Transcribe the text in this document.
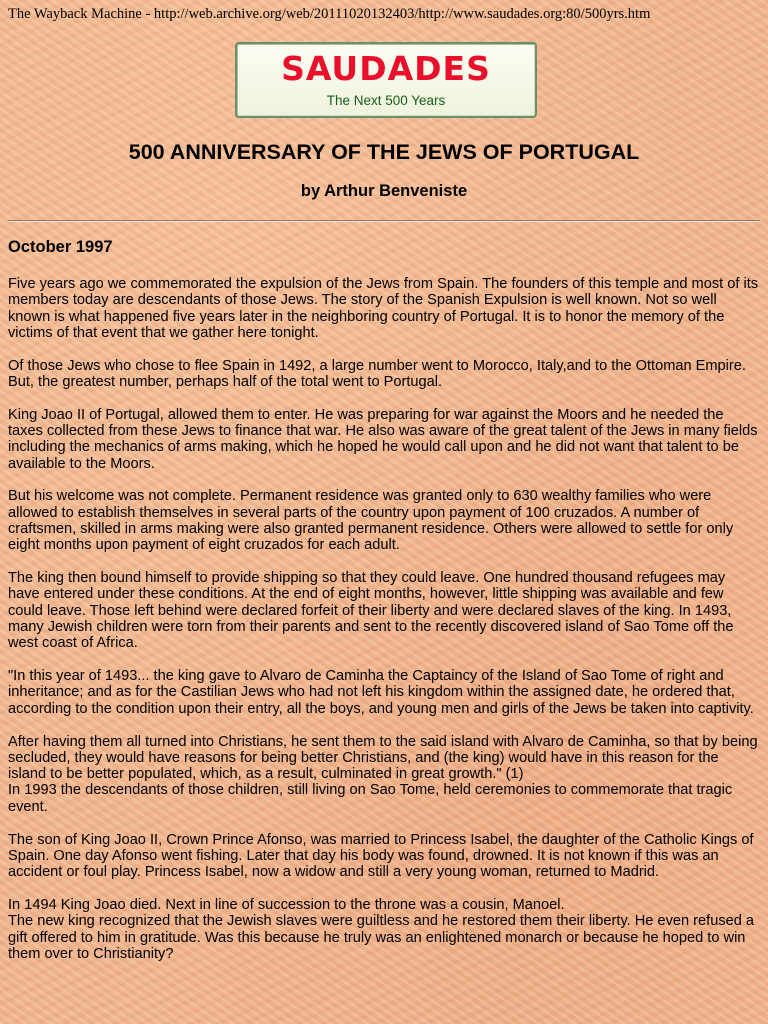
The Wayback Machine - http://web.archive.org/web/20111020132403/http://www.saudades.org:80/500yrs.htm
SAUDADES
The Next 500 Years
500 ANNIVERSARY OF THE JEWS OF PORTUGAL
by Arthur Benveniste
October 1997

Five years ago we commemorated the expulsion of the Jews from Spain. The founders of this temple and most of its members today are descendants of those Jews. The story of the Spanish Expulsion is well known. Not so well known is what happened five years later in the neighboring country of Portugal. It is to honor the memory of the victims of that event that we gather here tonight.

Of those Jews who chose to flee Spain in 1492, a large number went to Morocco, Italy,and to the Ottoman Empire. But, the greatest number, perhaps half of the total went to Portugal.

King Joao II of Portugal, allowed them to enter. He was preparing for war against the Moors and he needed the taxes collected from these Jews to finance that war. He also was aware of the great talent of the Jews in many fields including the mechanics of arms making, which he hoped he would call upon and he did not want that talent to be available to the Moors.

But his welcome was not complete. Permanent residence was granted only to 630 wealthy families who were allowed to establish themselves in several parts of the country upon payment of 100 cruzados. A number of craftsmen, skilled in arms making were also granted permanent residence. Others were allowed to settle for only eight months upon payment of eight cruzados for each adult.

The king then bound himself to provide shipping so that they could leave. One hundred thousand refugees may have entered under these conditions. At the end of eight months, however, little shipping was available and few could leave. Those left behind were declared forfeit of their liberty and were declared slaves of the king. In 1493, many Jewish children were torn from their parents and sent to the recently discovered island of Sao Tome off the west coast of Africa.

"In this year of 1493... the king gave to Alvaro de Caminha the Captaincy of the Island of Sao Tome of right and inheritance; and as for the Castilian Jews who had not left his kingdom within the assigned date, he ordered that, according to the condition upon their entry, all the boys, and young men and girls of the Jews be taken into captivity.

After having them all turned into Christians, he sent them to the said island with Alvaro de Caminha, so that by being secluded, they would have reasons for being better Christians, and (the king) would have in this reason for the island to be better populated, which, as a result, culminated in great growth." (1)
In 1993 the descendants of those children, still living on Sao Tome, held ceremonies to commemorate that tragic event.

The son of King Joao II, Crown Prince Afonso, was married to Princess Isabel, the daughter of the Catholic Kings of Spain. One day Afonso went fishing. Later that day his body was found, drowned. It is not known if this was an accident or foul play. Princess Isabel, now a widow and still a very young woman, returned to Madrid.

In 1494 King Joao died. Next in line of succession to the throne was a cousin, Manoel.
The new king recognized that the Jewish slaves were guiltless and he restored them their liberty. He even refused a gift offered to him in gratitude. Was this because he truly was an enlightened monarch or because he hoped to win them over to Christianity?
